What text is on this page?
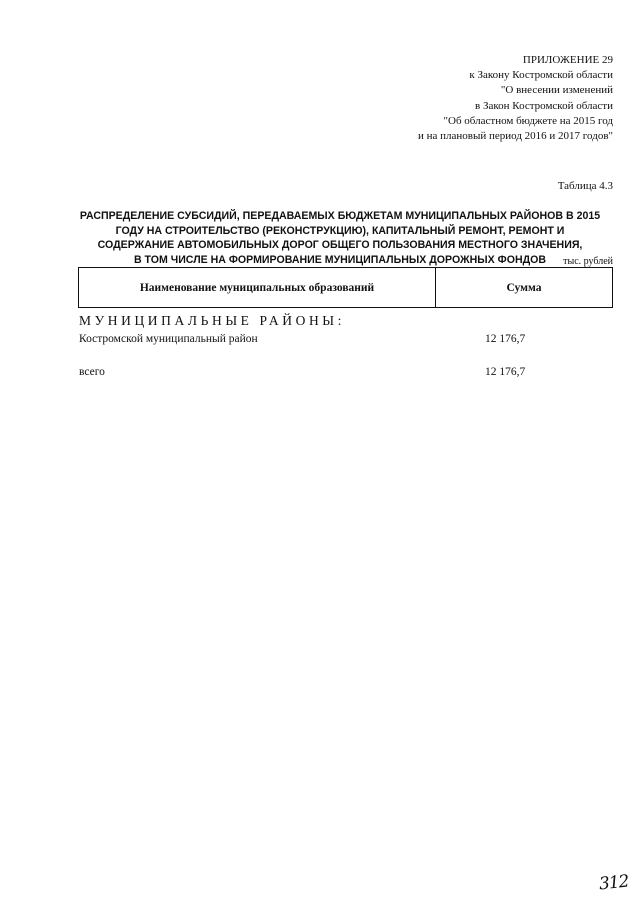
ПРИЛОЖЕНИЕ 29
к Закону Костромской области
"О внесении изменений
в Закон Костромской области
"Об областном бюджете на 2015 год
и на плановый период 2016 и 2017 годов"
Таблица 4.3
РАСПРЕДЕЛЕНИЕ СУБСИДИЙ, ПЕРЕДАВАЕМЫХ БЮДЖЕТАМ МУНИЦИПАЛЬНЫХ РАЙОНОВ В 2015
ГОДУ НА СТРОИТЕЛЬСТВО (РЕКОНСТРУКЦИЮ), КАПИТАЛЬНЫЙ РЕМОНТ, РЕМОНТ И
СОДЕРЖАНИЕ АВТОМОБИЛЬНЫХ ДОРОГ ОБЩЕГО ПОЛЬЗОВАНИЯ МЕСТНОГО ЗНАЧЕНИЯ,
В ТОМ ЧИСЛЕ НА ФОРМИРОВАНИЕ МУНИЦИПАЛЬНЫХ ДОРОЖНЫХ ФОНДОВ	тыс. рублей
Наименование муниципальных образований	Сумма
МУНИЦИПАЛЬНЫЕ РАЙОНЫ:
Костромской муниципальный район	12 176,7
всего	12 176,7
312
